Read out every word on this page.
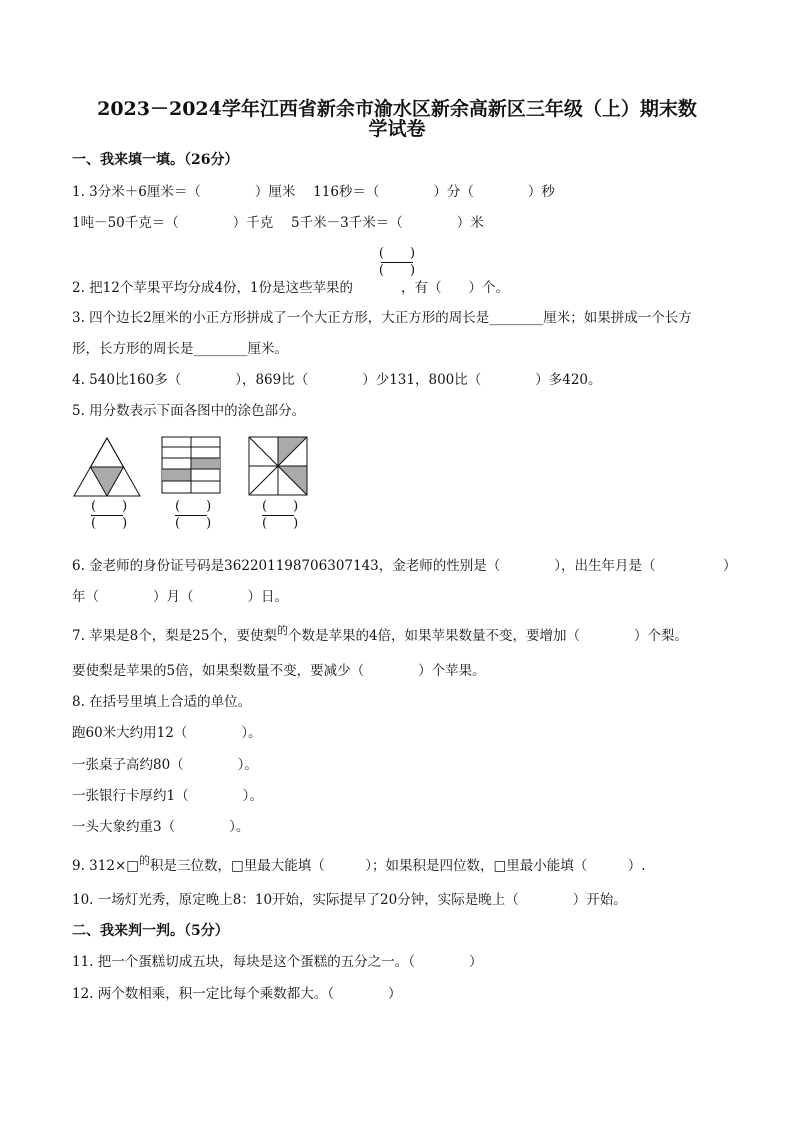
2023－2024学年江西省新余市渝水区新余高新区三年级（上）期末数
学试卷
一、我来填一填。（26分）
1. 3分米＋6厘米＝（　　　　）厘米　 116秒＝（　　　　）分（　　　　）秒
1吨－50千克＝（　　　　）千克　 5千米－3千米＝（　　　　）米
(　　)
(　　)
2. 把12个苹果平均分成4份，1份是这些苹果的	，有（　　）个。
3. 四个边长2厘米的小正方形拼成了一个大正方形，大正方形的周长是________厘米；如果拼成一个长方
形，长方形的周长是________厘米。
4. 540比160多（　　　　），869比（　　　　）少131，800比（　　　　）多420。
5. 用分数表示下面各图中的涂色部分。
(　　)
(　　)
(　　)
(　　)
(　　)
(　　)
6. 金老师的身份证号码是362201198706307143，金老师的性别是（　　　　），出生年月是（　　　　　）
年（　　　　）月（　　　　）日。
7. 苹果是8个，梨是25个，要使梨$^的$个数是苹果的4倍，如果苹果数量不变，要增加（　　　　）个梨。
要使梨是苹果的5倍，如果梨数量不变，要减少（　　　　）个苹果。
8. 在括号里填上合适的单位。
跑60米大约用12（　　　　）。
一张桌子高约80（　　　　）。
一张银行卡厚约1（　　　　）。
一头大象约重3（　　　　）。
9. 312×□$^的$积是三位数，□里最大能填（　　　）；如果积是四位数，□里最小能填（　　　）.
10. 一场灯光秀，原定晚上8：10开始，实际提早了20分钟，实际是晚上（　　　　）开始。
二、我来判一判。（5分）
11. 把一个蛋糕切成五块，每块是这个蛋糕的五分之一。（　　　　）
12. 两个数相乘，积一定比每个乘数都大。（　　　　）
